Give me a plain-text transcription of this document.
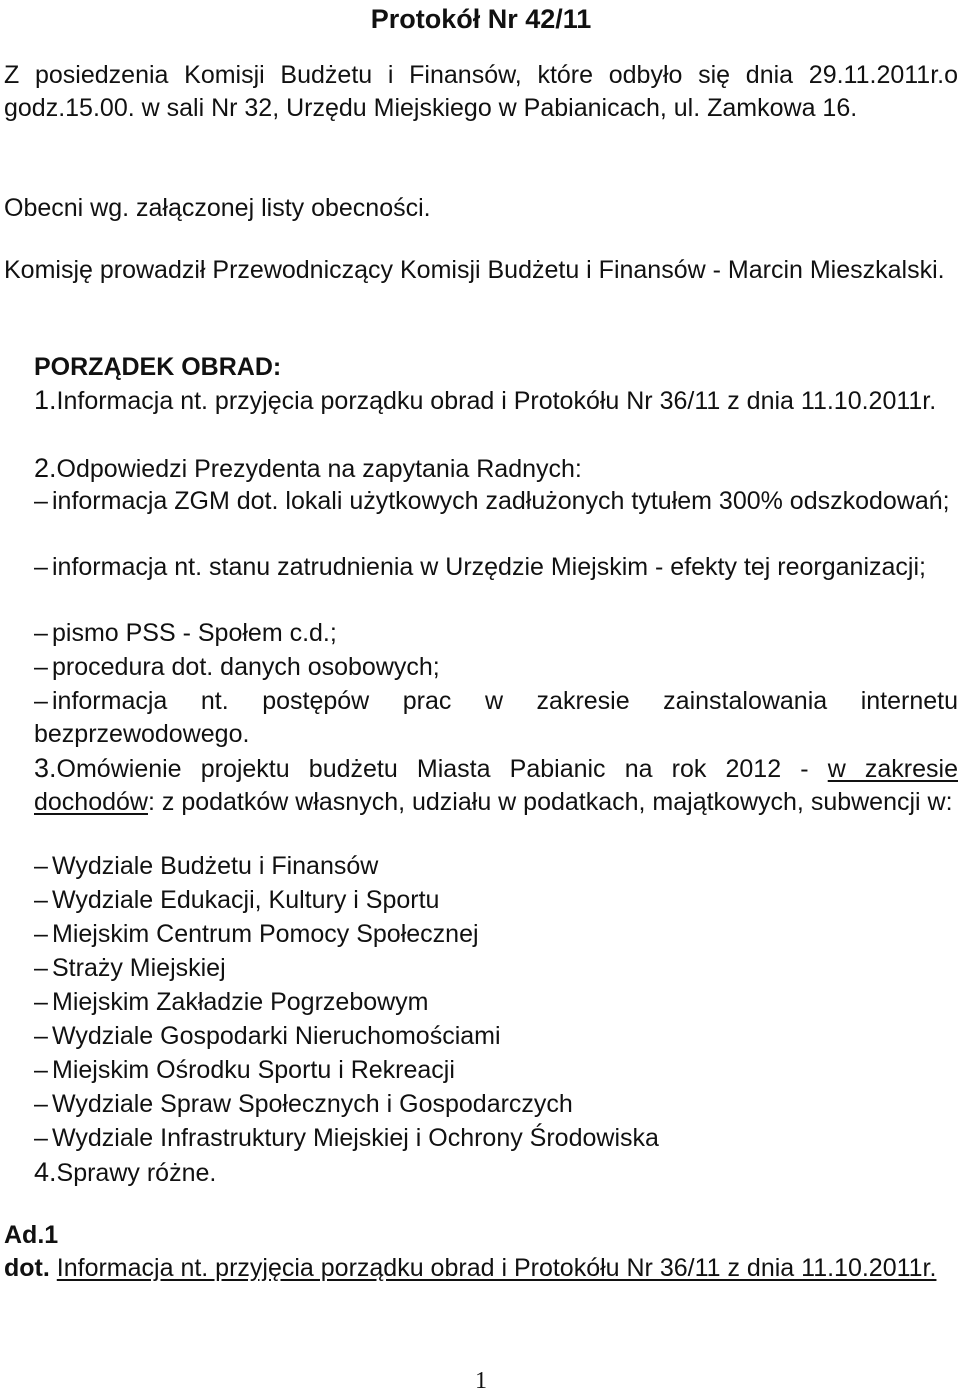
Protokół Nr 42/11
Z posiedzenia Komisji Budżetu i Finansów, które odbyło się dnia 29.11.2011r.o godz.15.00. w sali Nr 32, Urzędu Miejskiego w Pabianicach, ul. Zamkowa 16.
Obecni wg. załączonej listy obecności.
Komisję prowadził Przewodniczący Komisji Budżetu i Finansów - Marcin Mieszkalski.
PORZĄDEK OBRAD:
1.Informacja nt. przyjęcia porządku obrad i Protokółu Nr 36/11 z dnia 11.10.2011r.
2.Odpowiedzi Prezydenta na zapytania Radnych:
– informacja ZGM dot. lokali użytkowych zadłużonych tytułem 300% odszkodowań;
– informacja nt. stanu zatrudnienia w Urzędzie Miejskim - efekty tej reorganizacji;
– pismo PSS - Społem c.d.;
– procedura dot. danych osobowych;
– informacja nt. postępów prac w zakresie zainstalowania internetu bezprzewodowego.
3.Omówienie projektu budżetu Miasta Pabianic na rok 2012 - w zakresie dochodów: z podatków własnych, udziału w podatkach, majątkowych, subwencji w:
– Wydziale Budżetu i Finansów
– Wydziale Edukacji, Kultury i Sportu
– Miejskim Centrum Pomocy Społecznej
– Straży Miejskiej
– Miejskim Zakładzie Pogrzebowym
– Wydziale Gospodarki Nieruchomościami
– Miejskim Ośrodku Sportu i Rekreacji
– Wydziale Spraw Społecznych i Gospodarczych
– Wydziale Infrastruktury Miejskiej i Ochrony Środowiska
4.Sprawy różne.
Ad.1
dot. Informacja nt. przyjęcia porządku obrad i Protokółu Nr 36/11 z dnia 11.10.2011r.
1
